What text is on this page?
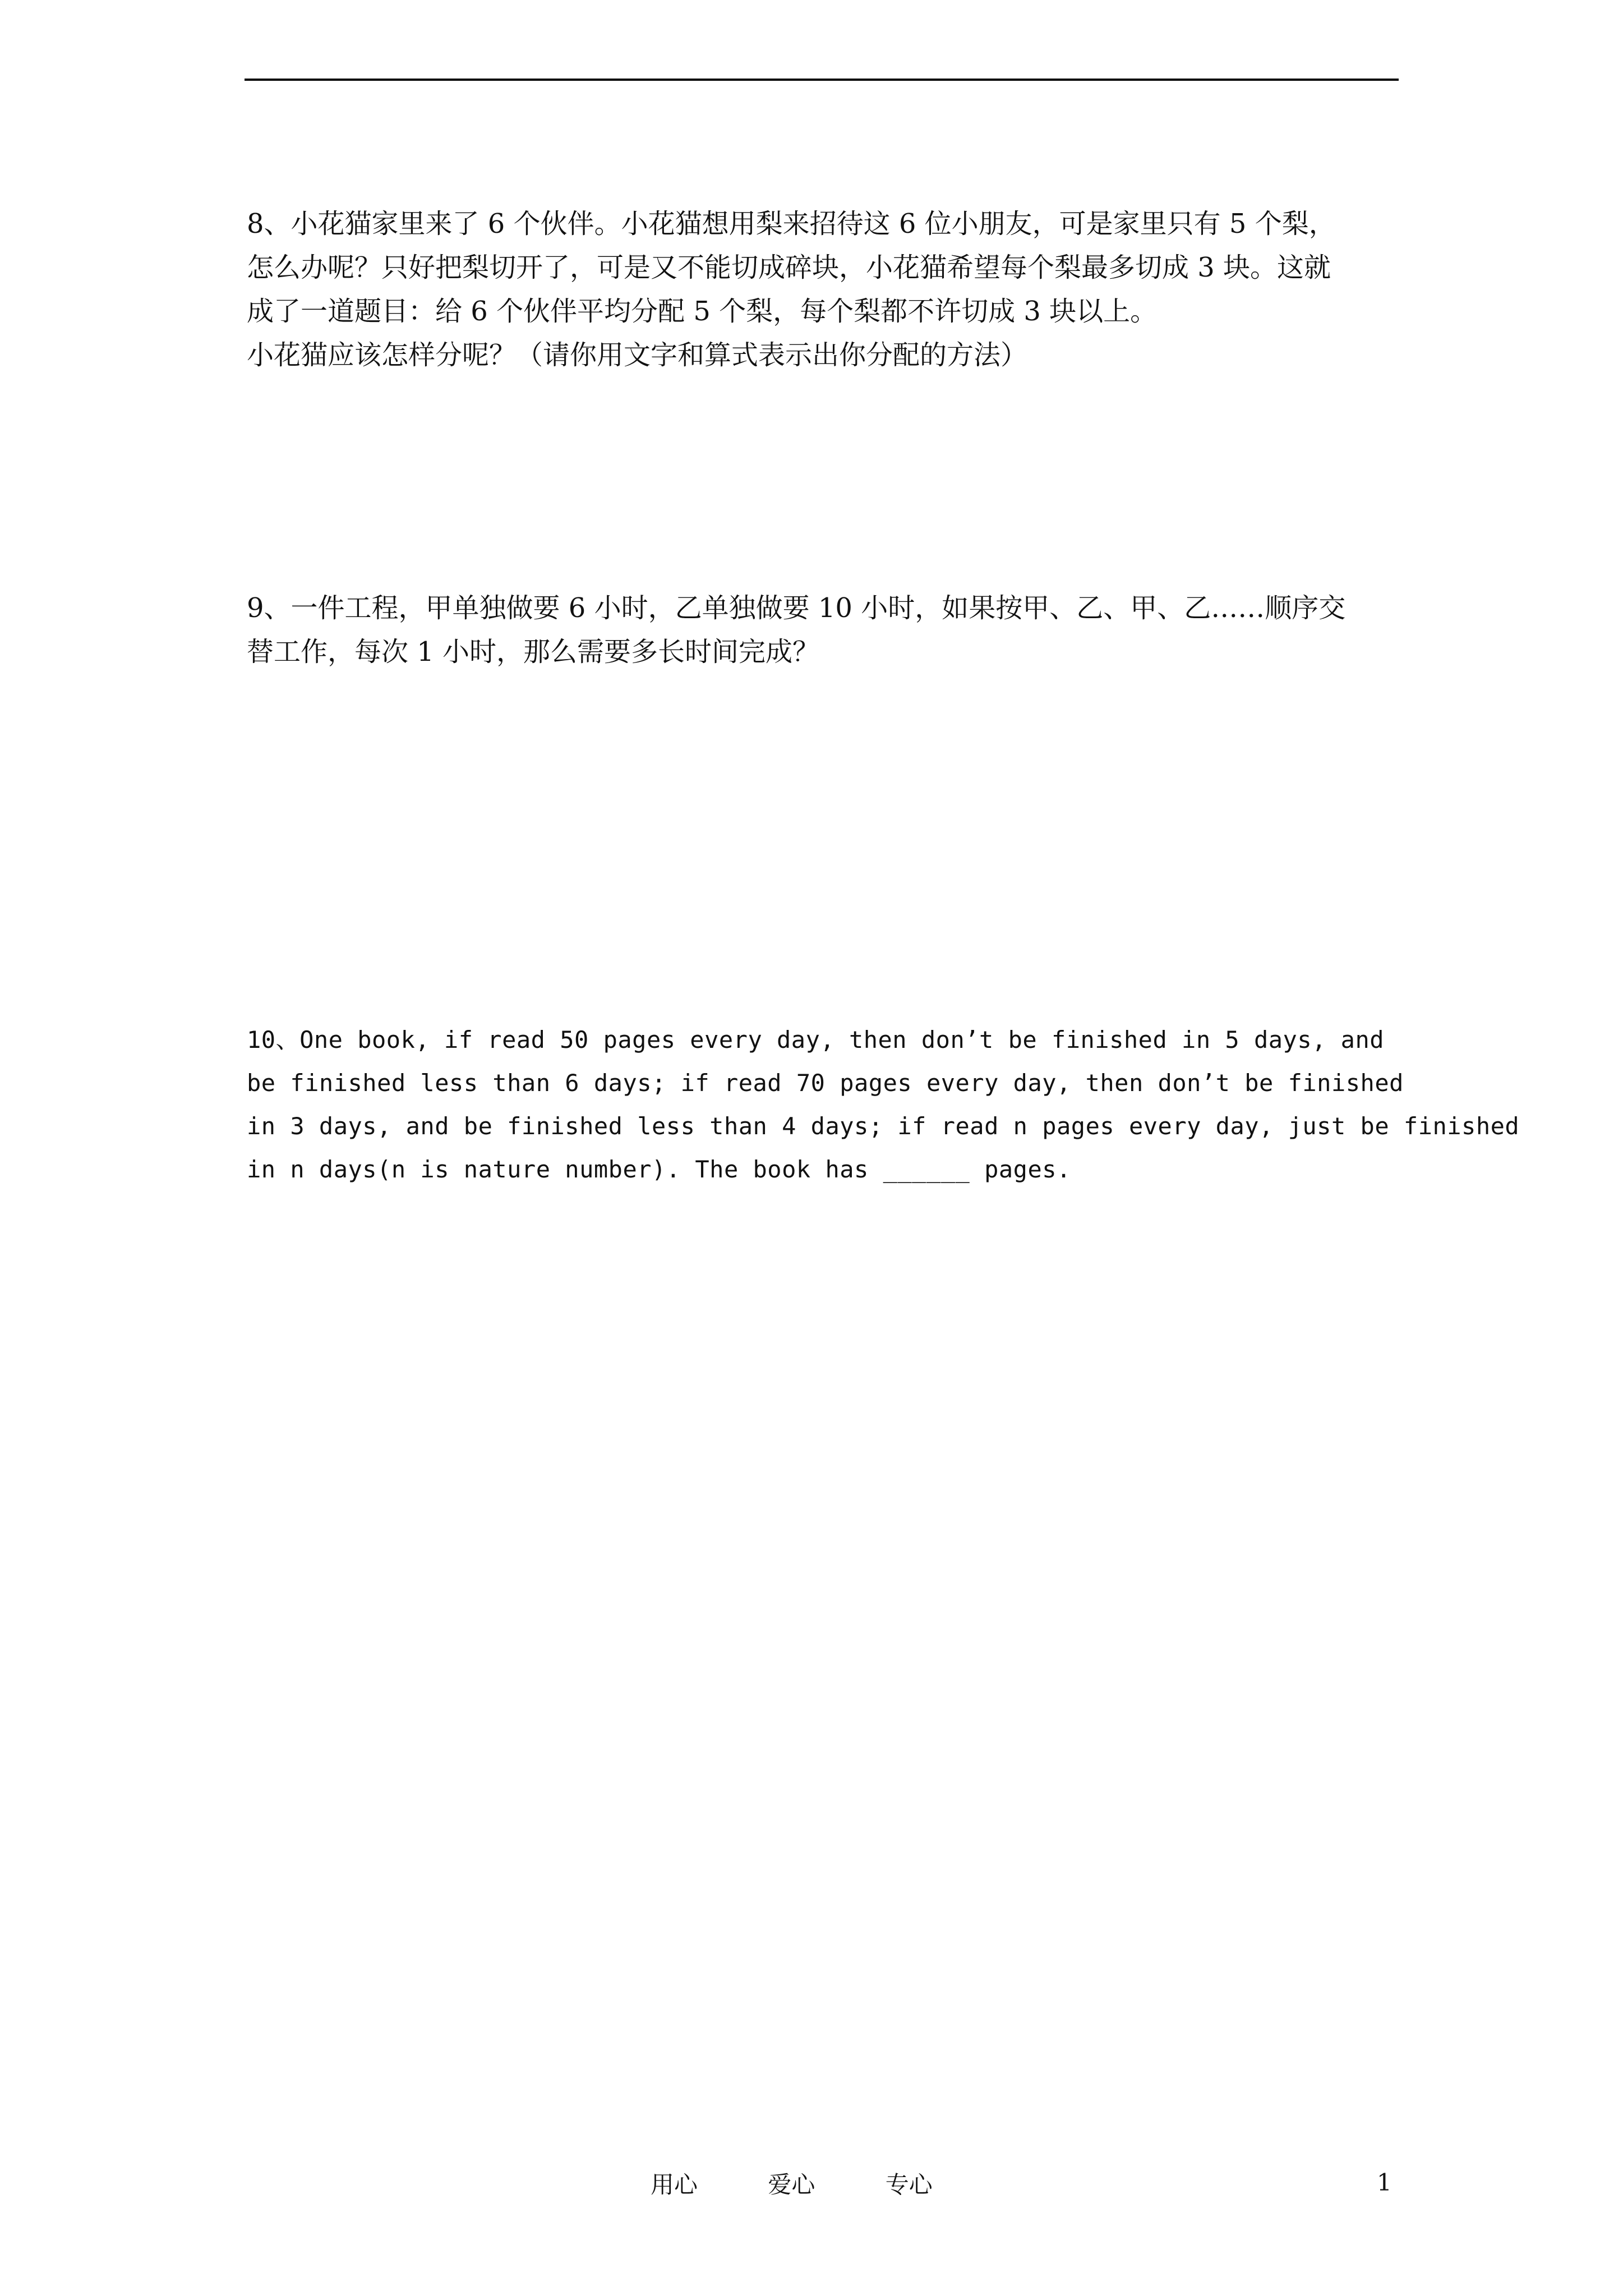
8、小花猫家里来了 6 个伙伴。小花猫想用梨来招待这 6 位小朋友，可是家里只有 5 个梨，
怎么办呢？只好把梨切开了，可是又不能切成碎块，小花猫希望每个梨最多切成 3 块。这就
成了一道题目：给 6 个伙伴平均分配 5 个梨，每个梨都不许切成 3 块以上。
小花猫应该怎样分呢？（请你用文字和算式表示出你分配的方法）
9、一件工程，甲单独做要 6 小时，乙单独做要 10 小时，如果按甲、乙、甲、乙……顺序交
替工作，每次 1 小时，那么需要多长时间完成？
10、One book, if read 50 pages every day, then don’t be finished in 5 days, and
be finished less than 6 days; if read 70 pages every day, then don’t be finished
in 3 days, and be finished less than 4 days; if read n pages every day, just be finished
in n days(n is nature number). The book has ______ pages.
用心	爱心	专心	1
